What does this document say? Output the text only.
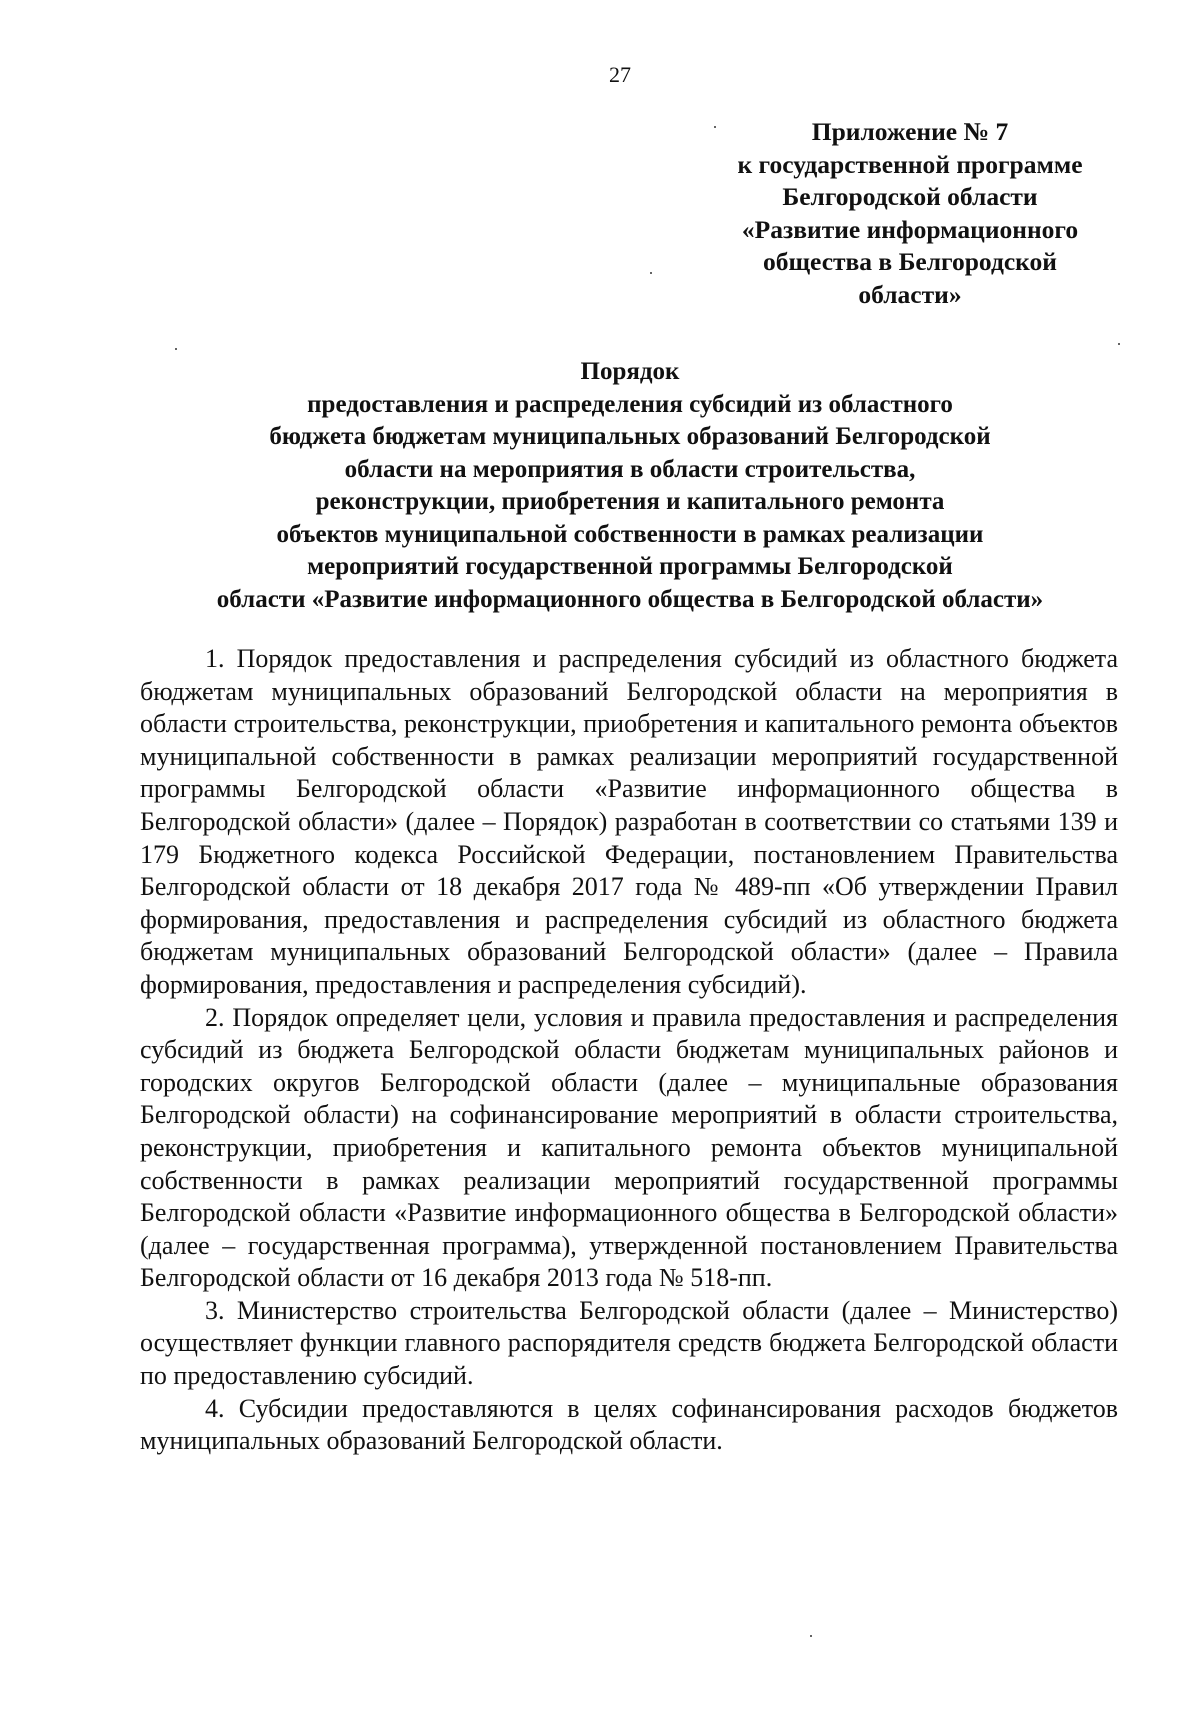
27
Приложение № 7
к государственной программе
Белгородской области
«Развитие информационного
общества в Белгородской
области»
Порядок
предоставления и распределения субсидий из областного
бюджета бюджетам муниципальных образований Белгородской
области на мероприятия в области строительства,
реконструкции, приобретения и капитального ремонта
объектов муниципальной собственности в рамках реализации
мероприятий государственной программы Белгородской
области «Развитие информационного общества в Белгородской области»

1. Порядок предоставления и распределения субсидий из областного бюджета бюджетам муниципальных образований Белгородской области на мероприятия в области строительства, реконструкции, приобретения и капитального ремонта объектов муниципальной собственности в рамках реализации мероприятий государственной программы Белгородской области «Развитие информационного общества в Белгородской области» (далее – Порядок) разработан в соответствии со статьями 139 и 179 Бюджетного кодекса Российской Федерации, постановлением Правительства Белгородской области от 18 декабря 2017 года № 489-пп «Об утверждении Правил формирования, предоставления и распределения субсидий из областного бюджета бюджетам муниципальных образований Белгородской области» (далее – Правила формирования, предоставления и распределения субсидий).

2. Порядок определяет цели, условия и правила предоставления и распределения субсидий из бюджета Белгородской области бюджетам муниципальных районов и городских округов Белгородской области (далее – муниципальные образования Белгородской области) на софинансирование мероприятий в области строительства, реконструкции, приобретения и капитального ремонта объектов муниципальной собственности в рамках реализации мероприятий государственной программы Белгородской области «Развитие информационного общества в Белгородской области» (далее – государственная программа), утвержденной постановлением Правительства Белгородской области от 16 декабря 2013 года № 518-пп.

3. Министерство строительства Белгородской области (далее – Министерство) осуществляет функции главного распорядителя средств бюджета Белгородской области по предоставлению субсидий.

4. Субсидии предоставляются в целях софинансирования расходов бюджетов муниципальных образований Белгородской области.
